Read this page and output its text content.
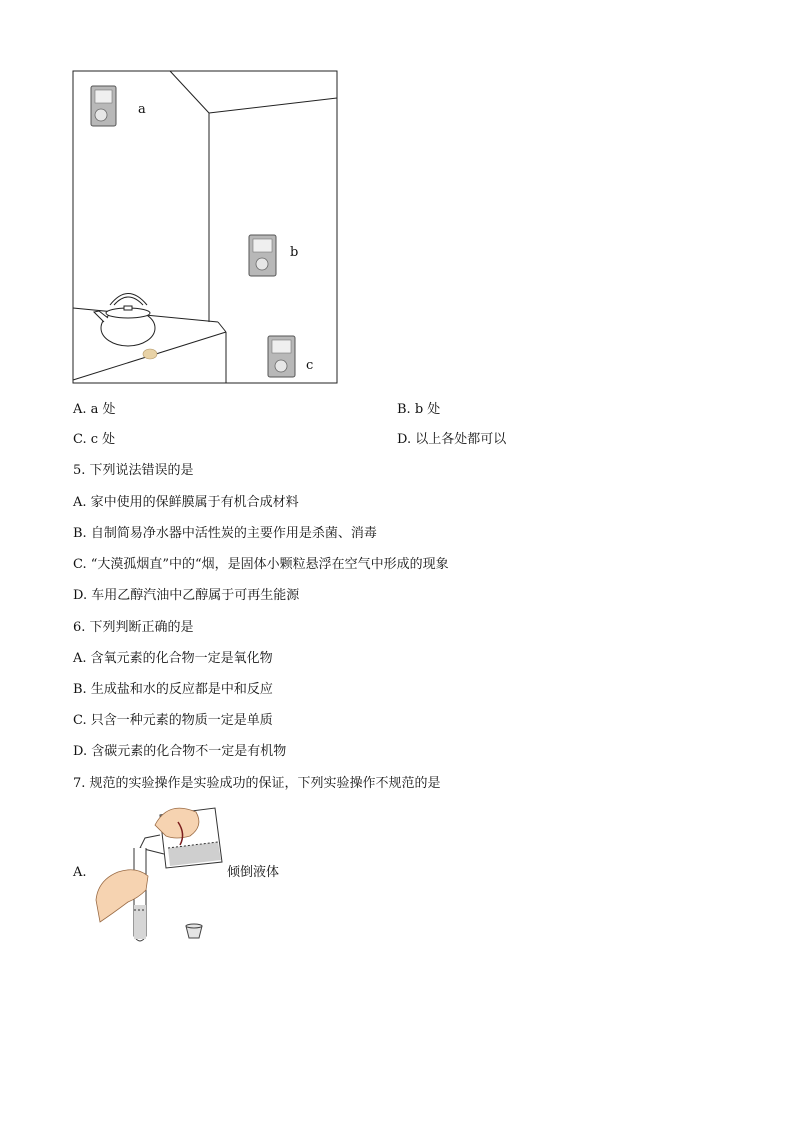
a
b
c
A. a 处	B. b 处
C. c 处	D. 以上各处都可以
5. 下列说法错误的是
A. 家中使用的保鲜膜属于有机合成材料
B. 自制简易净水器中活性炭的主要作用是杀菌、消毒
C. “大漠孤烟直”中的“烟，是固体小颗粒悬浮在空气中形成的现象
D. 车用乙醇汽油中乙醇属于可再生能源
6. 下列判断正确的是
A. 含氧元素的化合物一定是氧化物
B. 生成盐和水的反应都是中和反应
C. 只含一种元素的物质一定是单质
D. 含碳元素的化合物不一定是有机物
7. 规范的实验操作是实验成功的保证，下列实验操作不规范的是
A.	倾倒液体
